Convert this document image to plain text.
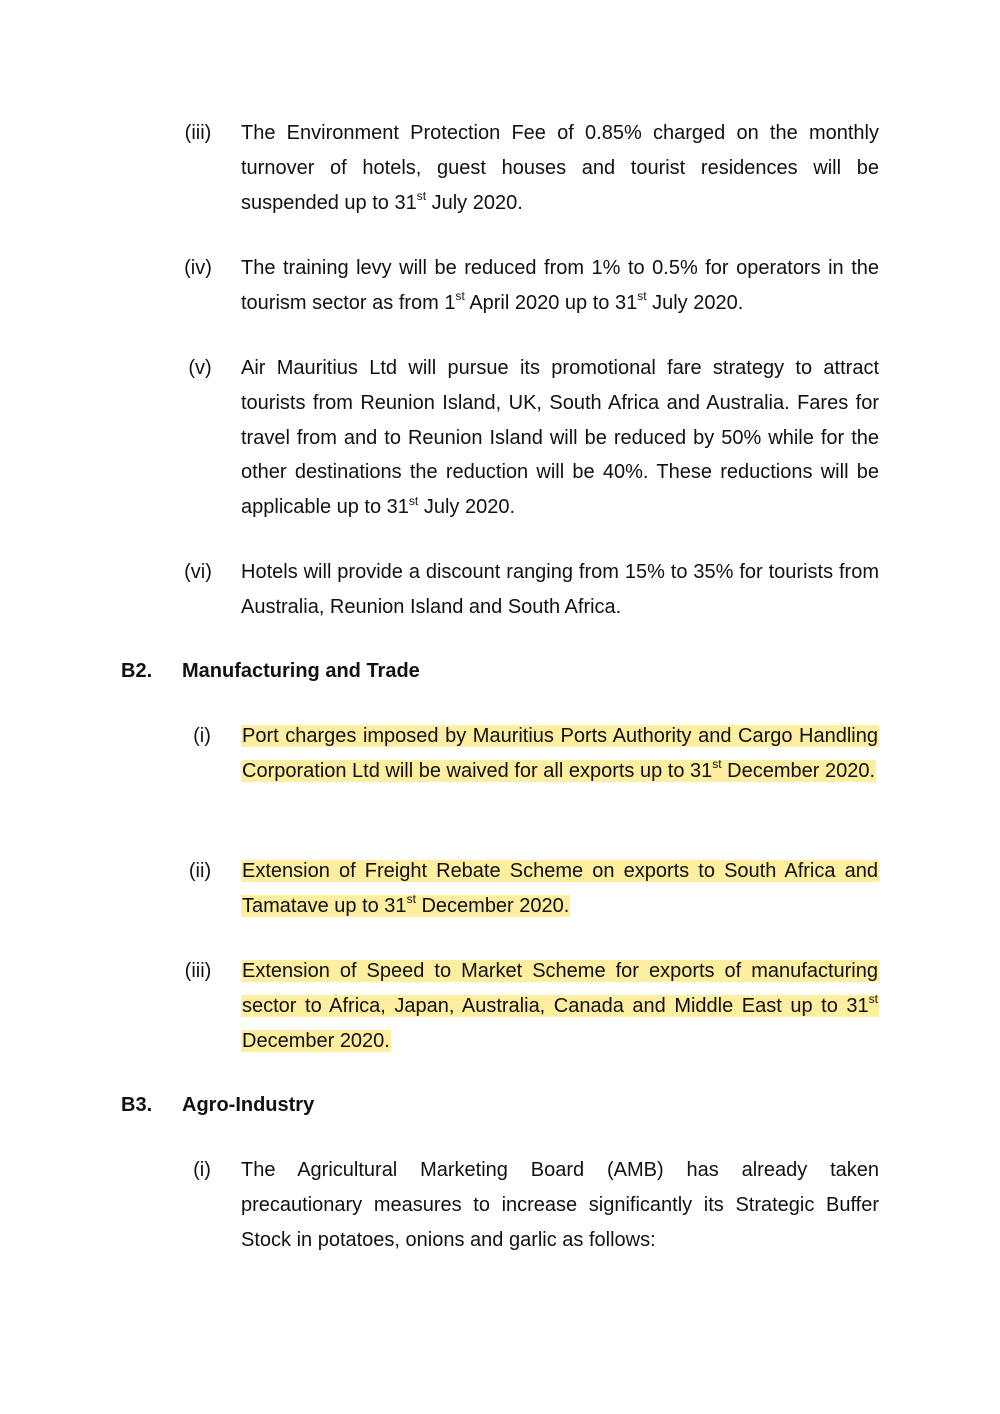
(iii)	The Environment Protection Fee of 0.85% charged on the monthly turnover of hotels, guest houses and tourist residences will be suspended up to 31st July 2020.
(iv)	The training levy will be reduced from 1% to 0.5% for operators in the tourism sector as from 1st April 2020 up to 31st July 2020.
(v)	Air Mauritius Ltd will pursue its promotional fare strategy to attract tourists from Reunion Island, UK, South Africa and Australia. Fares for travel from and to Reunion Island will be reduced by 50% while for the other destinations the reduction will be 40%. These reductions will be applicable up to 31st July 2020.
(vi)	Hotels will provide a discount ranging from 15% to 35% for tourists from Australia, Reunion Island and South Africa.
B2. Manufacturing and Trade
(i)	Port charges imposed by Mauritius Ports Authority and Cargo Handling Corporation Ltd will be waived for all exports up to 31st December 2020.
(ii)	Extension of Freight Rebate Scheme on exports to South Africa and Tamatave up to 31st December 2020.
(iii)	Extension of Speed to Market Scheme for exports of manufacturing sector to Africa, Japan, Australia, Canada and Middle East up to 31st December 2020.
B3. Agro-Industry
(i)	The Agricultural Marketing Board (AMB) has already taken precautionary measures to increase significantly its Strategic Buffer Stock in potatoes, onions and garlic as follows:
